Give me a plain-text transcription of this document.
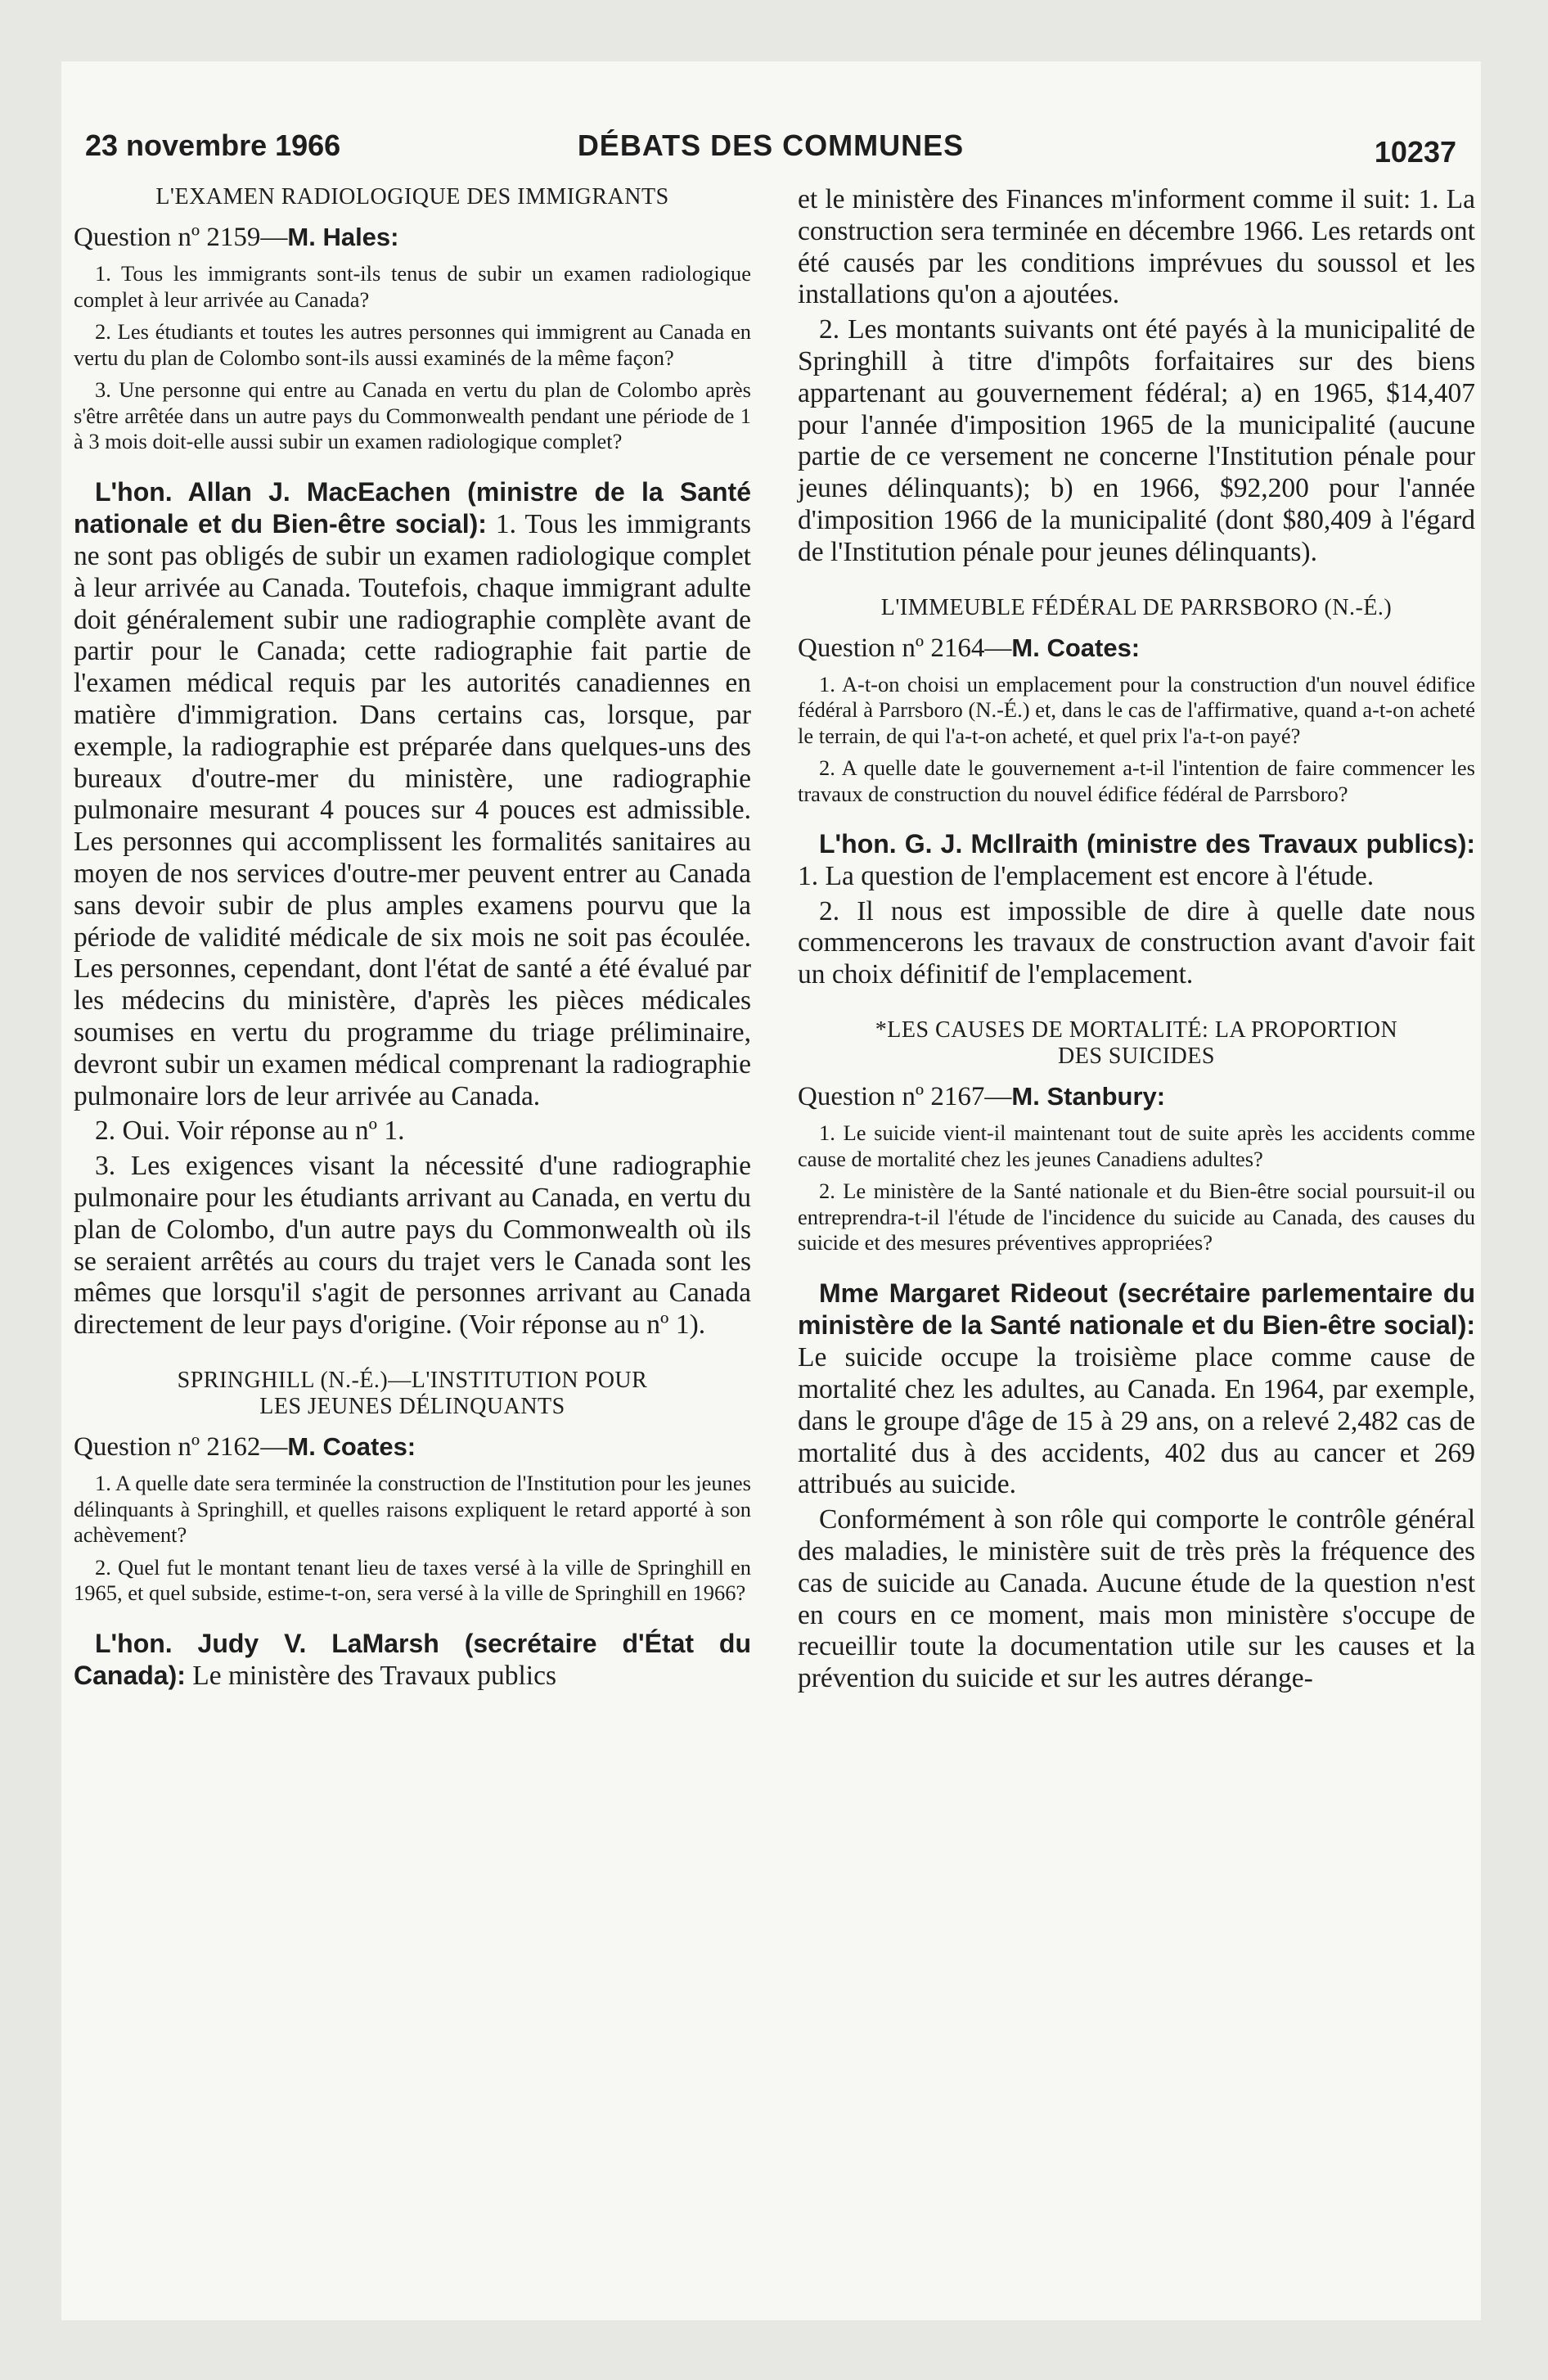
23 novembre 1966	DÉBATS DES COMMUNES	10237
L'EXAMEN RADIOLOGIQUE DES IMMIGRANTS
Question nº 2159—M. Hales:

1. Tous les immigrants sont-ils tenus de subir un examen radiologique complet à leur arrivée au Canada?

2. Les étudiants et toutes les autres personnes qui immigrent au Canada en vertu du plan de Colombo sont-ils aussi examinés de la même façon?

3. Une personne qui entre au Canada en vertu du plan de Colombo après s'être arrêtée dans un autre pays du Commonwealth pendant une période de 1 à 3 mois doit-elle aussi subir un examen radiologique complet?

L'hon. Allan J. MacEachen (ministre de la Santé nationale et du Bien-être social): 1. Tous les immigrants ne sont pas obligés de subir un examen radiologique complet à leur arrivée au Canada. Toutefois, chaque immigrant adulte doit généralement subir une radiographie complète avant de partir pour le Canada; cette radiographie fait partie de l'examen médical requis par les autorités canadiennes en matière d'immigration. Dans certains cas, lorsque, par exemple, la radiographie est préparée dans quelques-uns des bureaux d'outre-mer du ministère, une radiographie pulmonaire mesurant 4 pouces sur 4 pouces est admissible. Les personnes qui accomplissent les formalités sanitaires au moyen de nos services d'outre-mer peuvent entrer au Canada sans devoir subir de plus amples examens pourvu que la période de validité médicale de six mois ne soit pas écoulée. Les personnes, cependant, dont l'état de santé a été évalué par les médecins du ministère, d'après les pièces médicales soumises en vertu du programme du triage préliminaire, devront subir un examen médical comprenant la radiographie pulmonaire lors de leur arrivée au Canada.

2. Oui. Voir réponse au nº 1.

3. Les exigences visant la nécessité d'une radiographie pulmonaire pour les étudiants arrivant au Canada, en vertu du plan de Colombo, d'un autre pays du Commonwealth où ils se seraient arrêtés au cours du trajet vers le Canada sont les mêmes que lorsqu'il s'agit de personnes arrivant au Canada directement de leur pays d'origine. (Voir réponse au nº 1).

SPRINGHILL (N.-É.)—L'INSTITUTION POUR
LES JEUNES DÉLINQUANTS
Question nº 2162—M. Coates:

1. A quelle date sera terminée la construction de l'Institution pour les jeunes délinquants à Springhill, et quelles raisons expliquent le retard apporté à son achèvement?

2. Quel fut le montant tenant lieu de taxes versé à la ville de Springhill en 1965, et quel subside, estime-t-on, sera versé à la ville de Springhill en 1966?

L'hon. Judy V. LaMarsh (secrétaire d'État du Canada): Le ministère des Travaux publics

et le ministère des Finances m'informent comme il suit: 1. La construction sera terminée en décembre 1966. Les retards ont été causés par les conditions imprévues du soussol et les installations qu'on a ajoutées.

2. Les montants suivants ont été payés à la municipalité de Springhill à titre d'impôts forfaitaires sur des biens appartenant au gouvernement fédéral; a) en 1965, $14,407 pour l'année d'imposition 1965 de la municipalité (aucune partie de ce versement ne concerne l'Institution pénale pour jeunes délinquants); b) en 1966, $92,200 pour l'année d'imposition 1966 de la municipalité (dont $80,409 à l'égard de l'Institution pénale pour jeunes délinquants).

L'IMMEUBLE FÉDÉRAL DE PARRSBORO (N.-É.)
Question nº 2164—M. Coates:

1. A-t-on choisi un emplacement pour la construction d'un nouvel édifice fédéral à Parrsboro (N.-É.) et, dans le cas de l'affirmative, quand a-t-on acheté le terrain, de qui l'a-t-on acheté, et quel prix l'a-t-on payé?

2. A quelle date le gouvernement a-t-il l'intention de faire commencer les travaux de construction du nouvel édifice fédéral de Parrsboro?

L'hon. G. J. McIlraith (ministre des Travaux publics): 1. La question de l'emplacement est encore à l'étude.

2. Il nous est impossible de dire à quelle date nous commencerons les travaux de construction avant d'avoir fait un choix définitif de l'emplacement.

*LES CAUSES DE MORTALITÉ: LA PROPORTION
DES SUICIDES
Question nº 2167—M. Stanbury:

1. Le suicide vient-il maintenant tout de suite après les accidents comme cause de mortalité chez les jeunes Canadiens adultes?

2. Le ministère de la Santé nationale et du Bien-être social poursuit-il ou entreprendra-t-il l'étude de l'incidence du suicide au Canada, des causes du suicide et des mesures préventives appropriées?

Mme Margaret Rideout (secrétaire parlementaire du ministère de la Santé nationale et du Bien-être social): Le suicide occupe la troisième place comme cause de mortalité chez les adultes, au Canada. En 1964, par exemple, dans le groupe d'âge de 15 à 29 ans, on a relevé 2,482 cas de mortalité dus à des accidents, 402 dus au cancer et 269 attribués au suicide.

Conformément à son rôle qui comporte le contrôle général des maladies, le ministère suit de très près la fréquence des cas de suicide au Canada. Aucune étude de la question n'est en cours en ce moment, mais mon ministère s'occupe de recueillir toute la documentation utile sur les causes et la prévention du suicide et sur les autres dérange-
